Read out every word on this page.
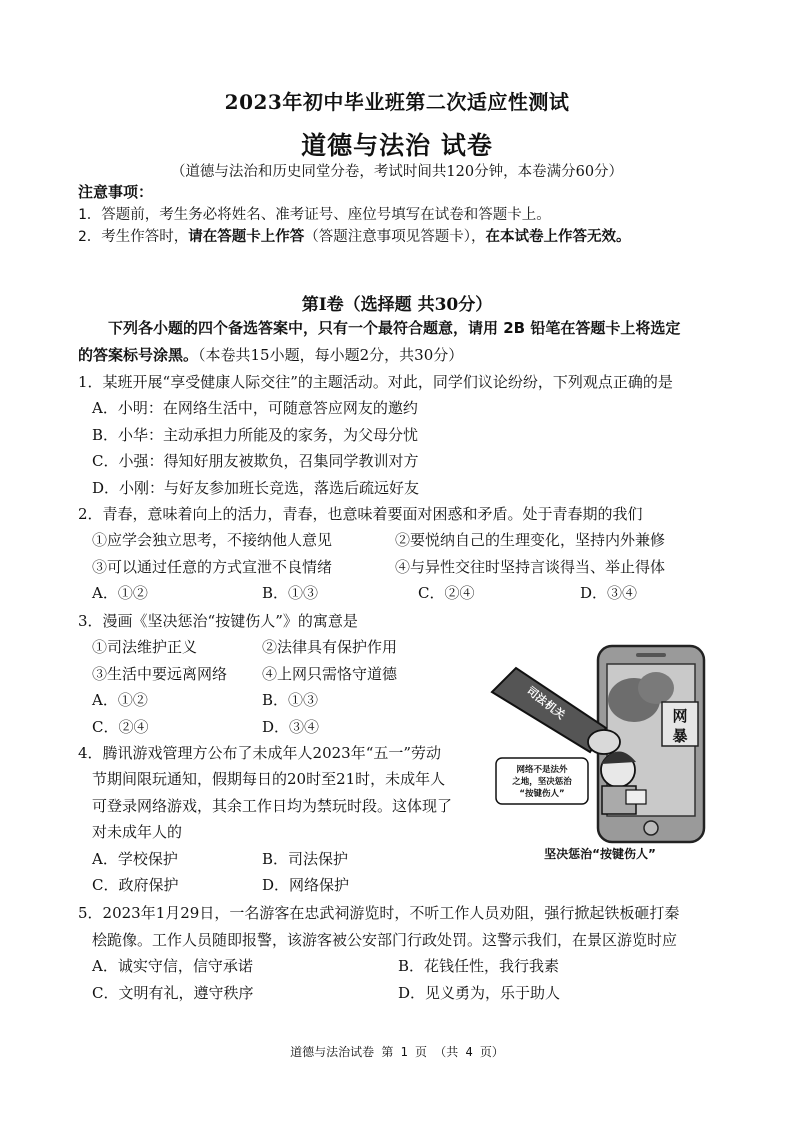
2023年初中毕业班第二次适应性测试
道德与法治 试卷
（道德与法治和历史同堂分卷，考试时间共120分钟，本卷满分60分）
注意事项：
1．答题前，考生务必将姓名、准考证号、座位号填写在试卷和答题卡上。
2．考生作答时，请在答题卡上作答（答题注意事项见答题卡），在本试卷上作答无效。
第Ⅰ卷（选择题 共30分）
下列各小题的四个备选答案中，只有一个最符合题意，请用 2B 铅笔在答题卡上将选定
的答案标号涂黑。（本卷共15小题，每小题2分，共30分）
1．某班开展“享受健康人际交往”的主题活动。对此，同学们议论纷纷，下列观点正确的是
A．小明：在网络生活中，可随意答应网友的邀约
B．小华：主动承担力所能及的家务，为父母分忧
C．小强：得知好朋友被欺负，召集同学教训对方
D．小刚：与好友参加班长竞选，落选后疏远好友
2．青春，意味着向上的活力，青春，也意味着要面对困惑和矛盾。处于青春期的我们
①应学会独立思考，不接纳他人意见	②要悦纳自己的生理变化，坚持内外兼修
③可以通过任意的方式宣泄不良情绪	④与异性交往时坚持言谈得当、举止得体
A．①②	B．①③	C．②④	D．③④
3．漫画《坚决惩治“按键伤人”》的寓意是
①司法维护正义	②法律具有保护作用
③生活中要远离网络 ④上网只需恪守道德
A．①②	B．①③
C．②④	D．③④
网
暴
司法
机关
网络不是法外
之地，坚决惩治
“按键伤人”
坚决惩治“按键伤人”
4．腾讯游戏管理方公布了未成年人2023年“五一”劳动
节期间限玩通知，假期每日的20时至21时，未成年人
可登录网络游戏，其余工作日均为禁玩时段。这体现了
对未成年人的
A．学校保护	B．司法保护
C．政府保护	D．网络保护
5．2023年1月29日，一名游客在忠武祠游览时，不听工作人员劝阻，强行掀起铁板砸打秦
桧跪像。工作人员随即报警，该游客被公安部门行政处罚。这警示我们，在景区游览时应
A．诚实守信，信守承诺	B．花钱任性，我行我素
C．文明有礼，遵守秩序	D．见义勇为，乐于助人
道德与法治试卷 第 1 页 （共 4 页）
